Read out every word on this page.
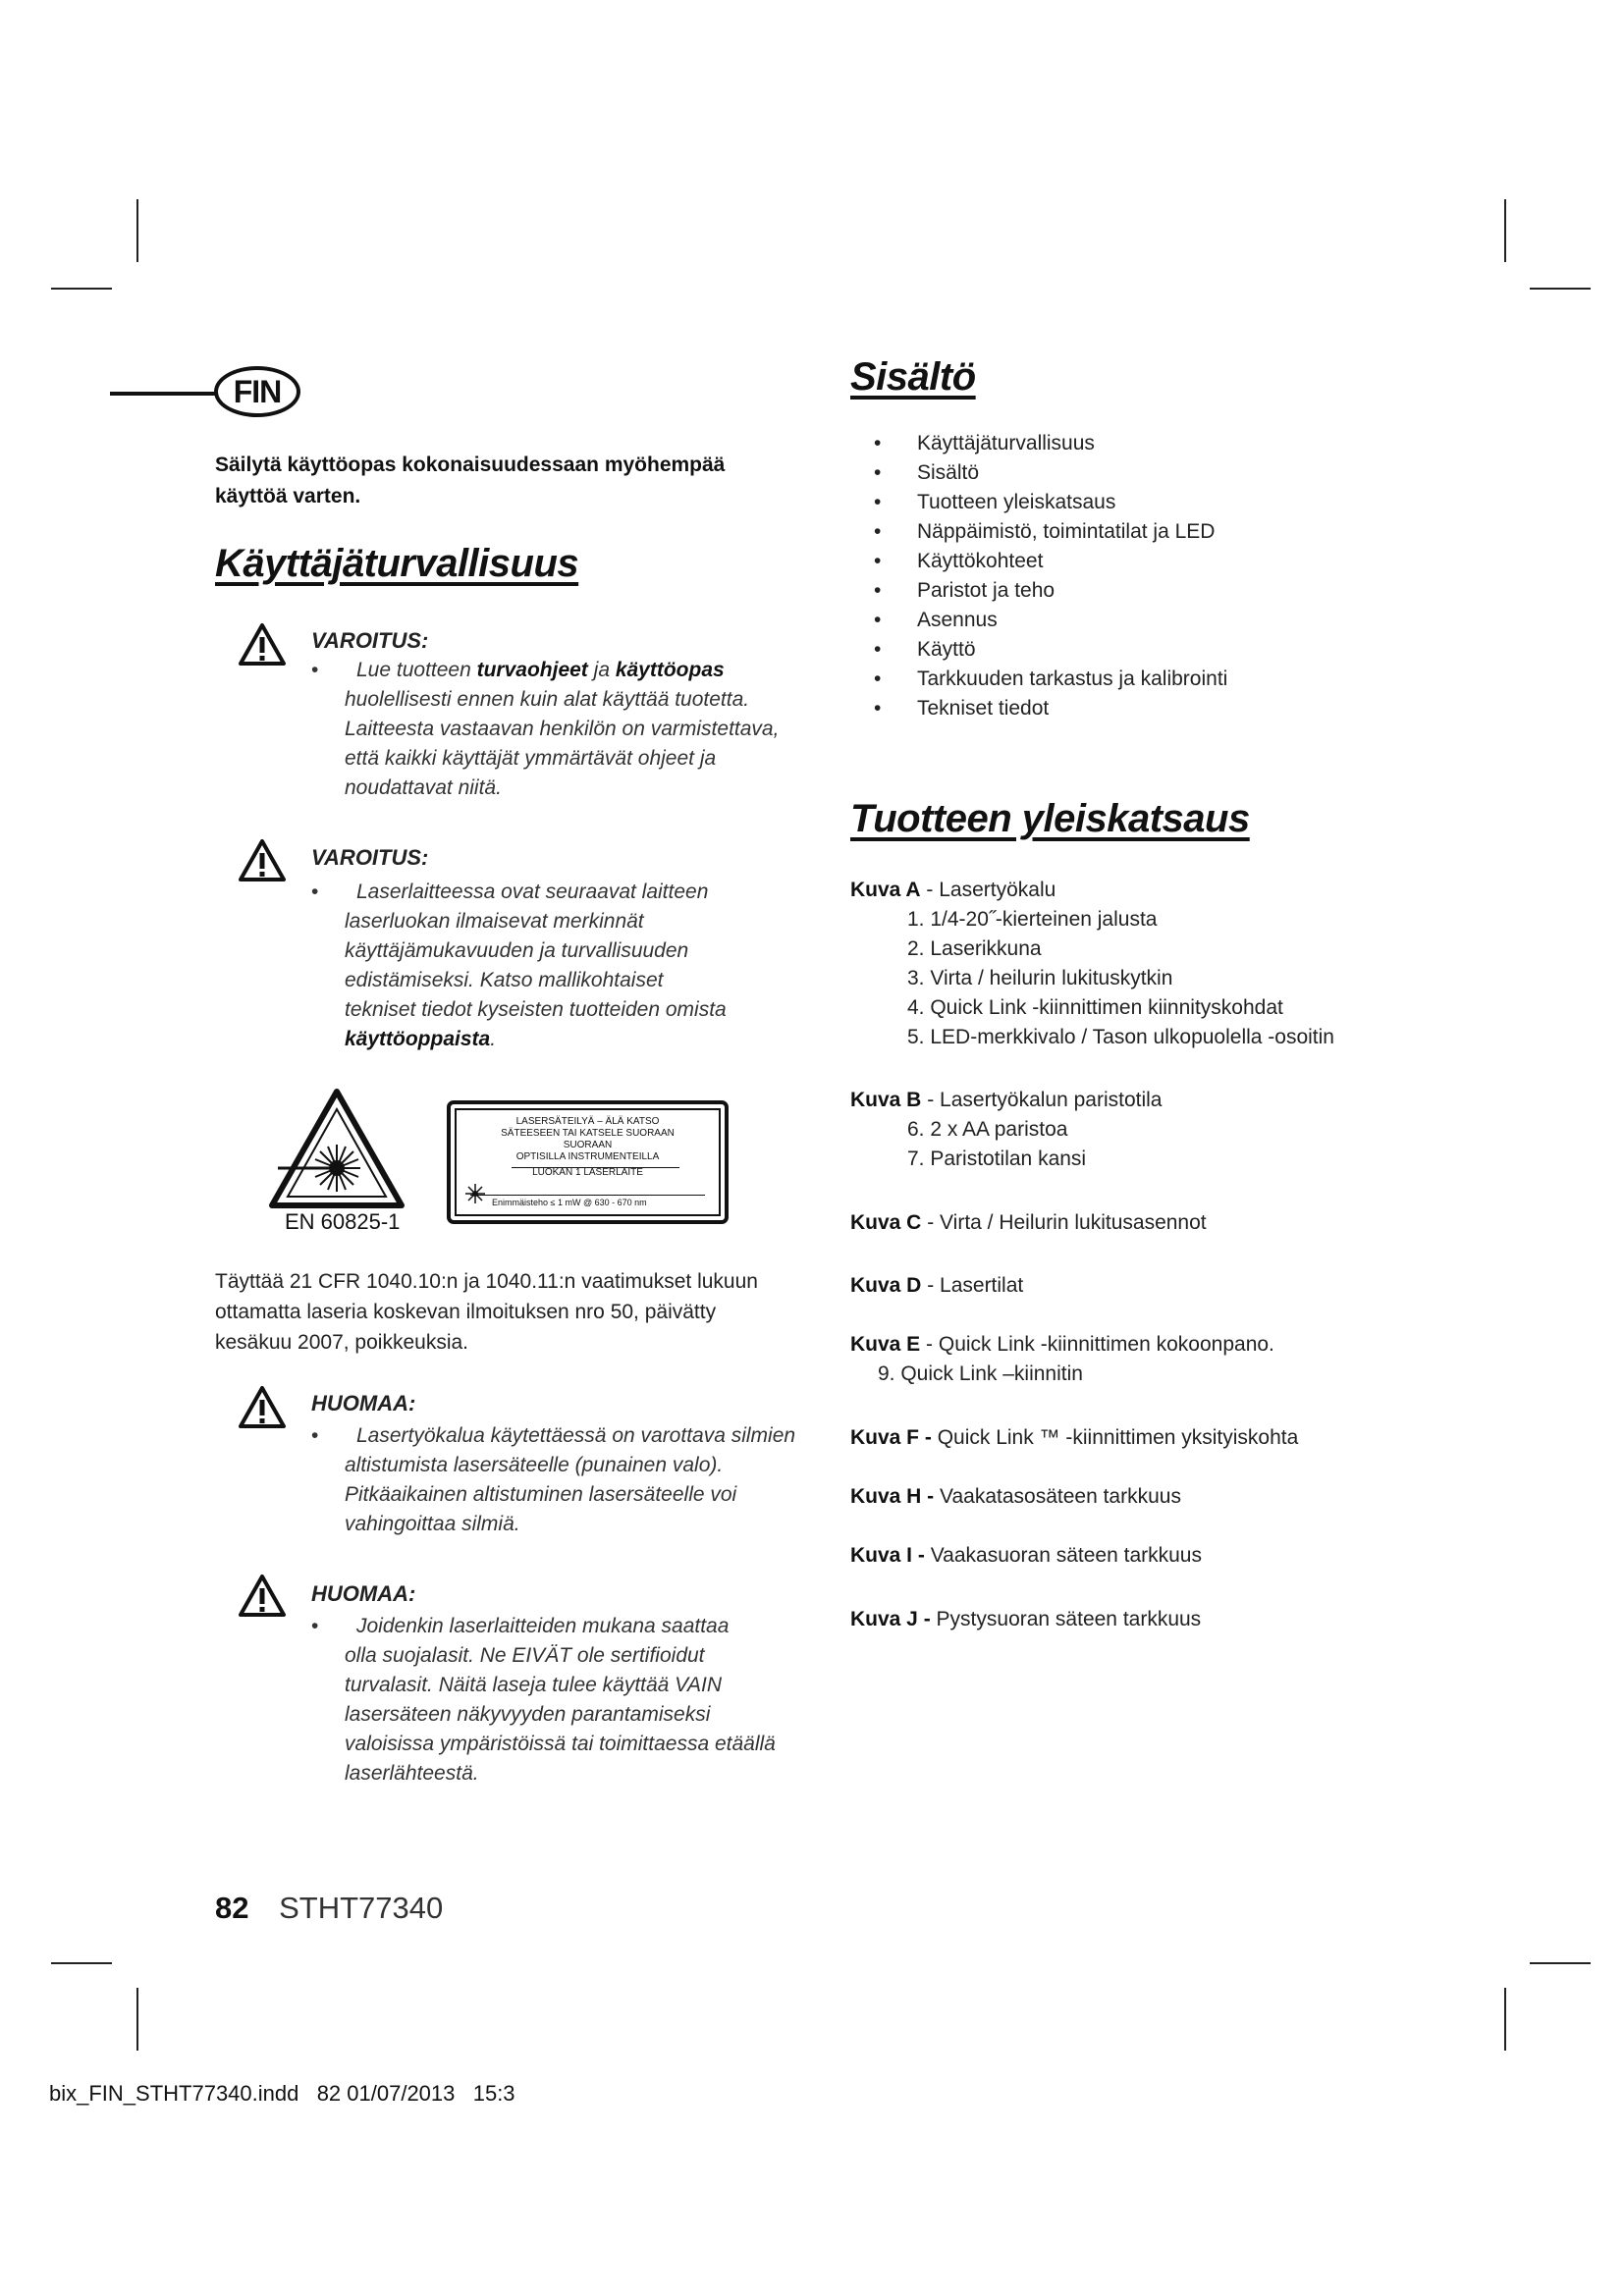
FIN
Säilytä käyttöopas kokonaisuudessaan myöhempää
käyttöä varten.
Käyttäjäturvallisuus
VAROITUS:
• Lue tuotteen turvaohjeet ja käyttöopas
huolellisesti ennen kuin alat käyttää tuotetta.
Laitteesta vastaavan henkilön on varmistettava,
että kaikki käyttäjät ymmärtävät ohjeet ja
noudattavat niitä.
VAROITUS:
• Laserlaitteessa ovat seuraavat laitteen
laserluokan ilmaisevat merkinnät
käyttäjämukavuuden ja turvallisuuden
edistämiseksi. Katso mallikohtaiset
tekniset tiedot kyseisten tuotteiden omista
käyttöoppaista.
EN 60825-1
LASERSÄTEILYÄ – ÄLÄ KATSO
SÄTEESEEN TAI KATSELE SUORAAN
SUORAAN
OPTISILLA INSTRUMENTEILLA
LUOKAN 1 LASERLAITE
Enimmäisteho ≤ 1 mW @ 630 - 670 nm
Täyttää 21 CFR 1040.10:n ja 1040.11:n vaatimukset lukuun
ottamatta laseria koskevan ilmoituksen nro 50, päivätty
kesäkuu 2007, poikkeuksia.
HUOMAA:
• Lasertyökalua käytettäessä on varottava silmien
altistumista lasersäteelle (punainen valo).
Pitkäaikainen altistuminen lasersäteelle voi
vahingoittaa silmiä.
HUOMAA:
• Joidenkin laserlaitteiden mukana saattaa
olla suojalasit. Ne EIVÄT ole sertifioidut
turvalasit. Näitä laseja tulee käyttää VAIN
lasersäteen näkyvyyden parantamiseksi
valoisissa ympäristöissä tai toimittaessa etäällä
laserlähteestä.
Sisältö
• Käyttäjäturvallisuus
• Sisältö
• Tuotteen yleiskatsaus
• Näppäimistö, toimintatilat ja LED
• Käyttökohteet
• Paristot ja teho
• Asennus
• Käyttö
• Tarkkuuden tarkastus ja kalibrointi
• Tekniset tiedot
Tuotteen yleiskatsaus
Kuva A - Lasertyökalu
1. 1/4-20˝-kierteinen jalusta
2. Laserikkuna
3. Virta / heilurin lukituskytkin
4. Quick Link -kiinnittimen kiinnityskohdat
5. LED-merkkivalo / Tason ulkopuolella -osoitin
Kuva B - Lasertyökalun paristotila
6. 2 x AA paristoa
7. Paristotilan kansi
Kuva C - Virta / Heilurin lukitusasennot
Kuva D - Lasertilat
Kuva E - Quick Link -kiinnittimen kokoonpano.
9. Quick Link –kiinnitin
Kuva F - Quick Link ™ -kiinnittimen yksityiskohta
Kuva H - Vaakatasosäteen tarkkuus
Kuva I - Vaakasuoran säteen tarkkuus
Kuva J - Pystysuoran säteen tarkkuus
82 STHT77340
bix_FIN_STHT77340.indd   82 01/07/2013   15:3
